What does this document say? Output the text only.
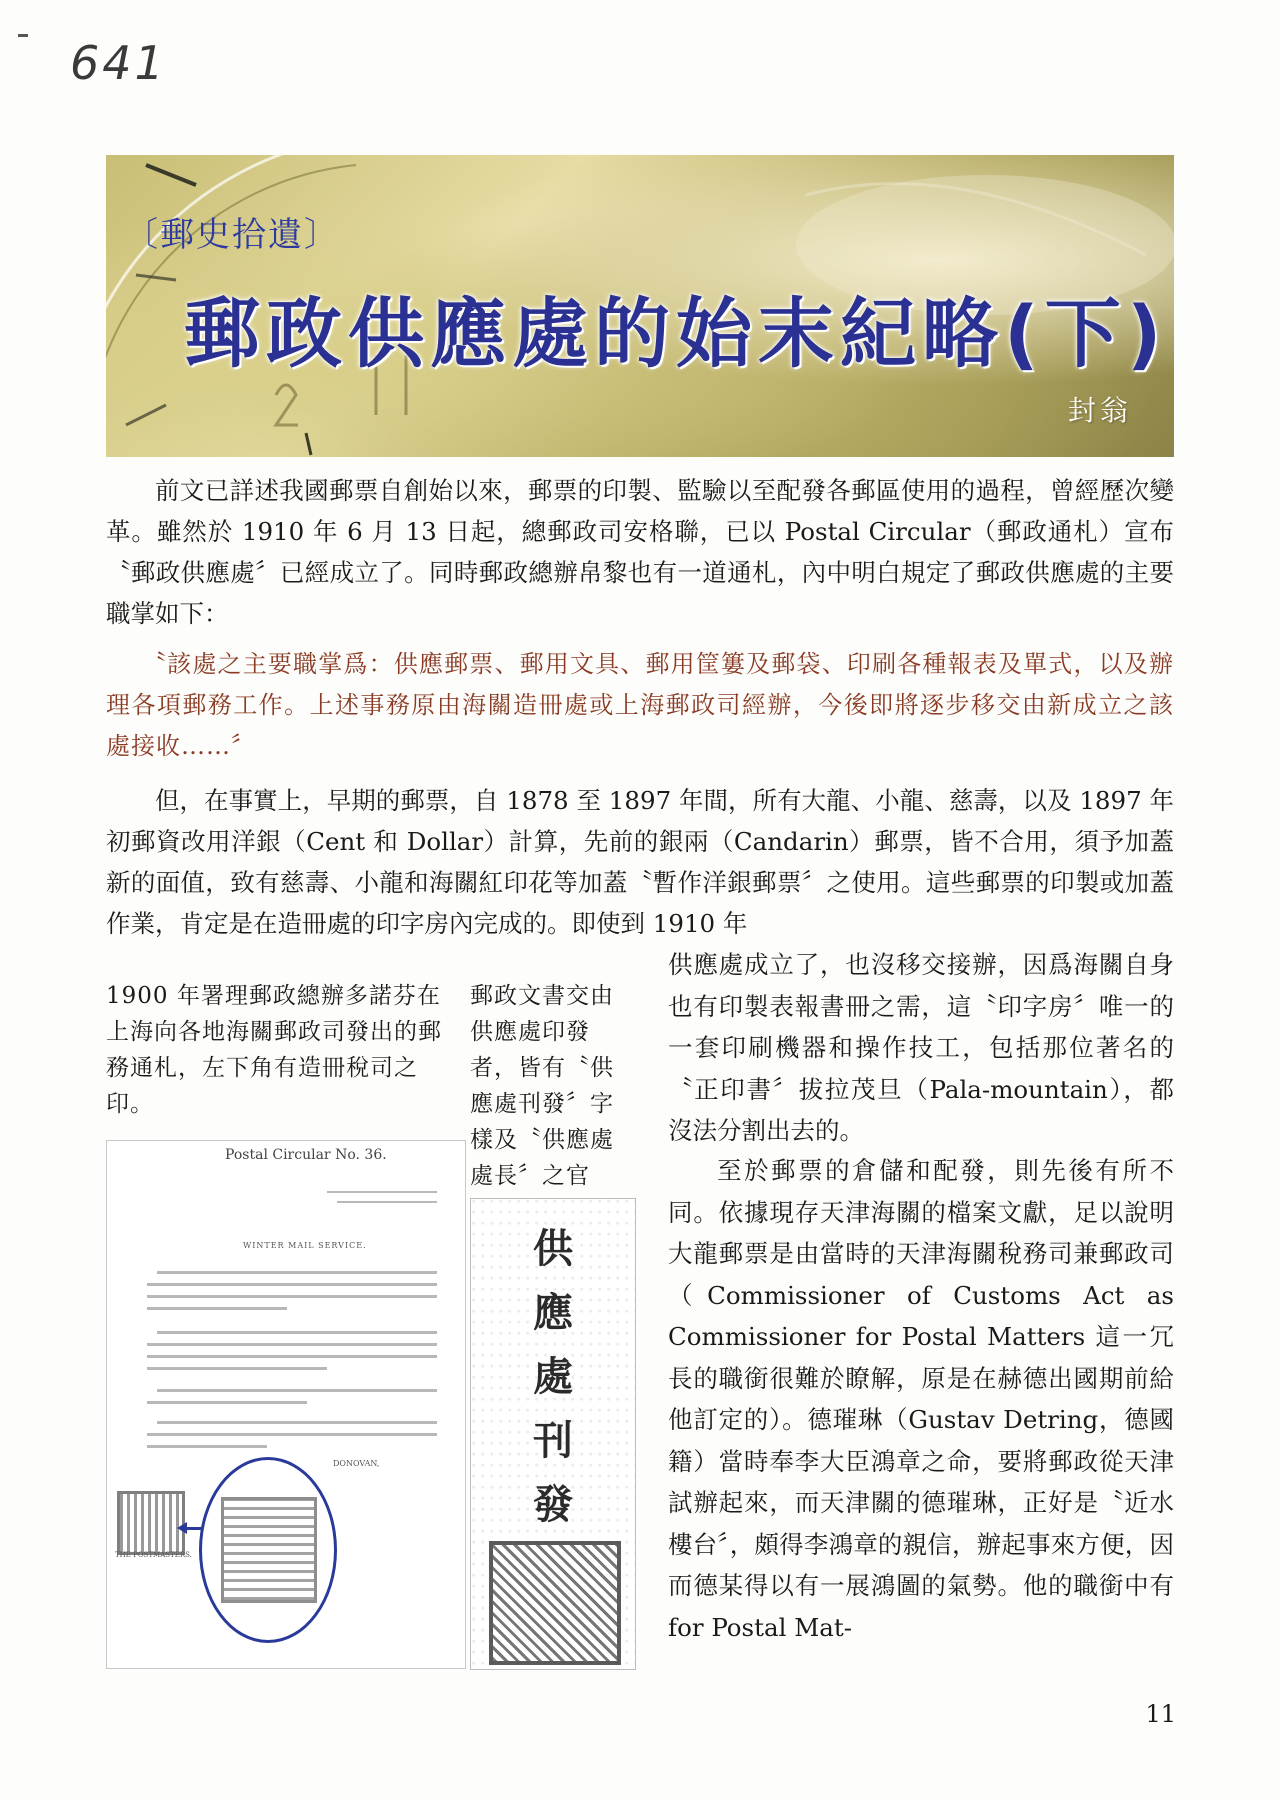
641
〔郵史拾遺〕
郵政供應處的始末紀略(下)
封翁

前文已詳述我國郵票自創始以來，郵票的印製、監驗以至配發各郵區使用的過程，曾經歷次變革。雖然於 1910 年 6 月 13 日起，總郵政司安格聯，已以 Postal Circular（郵政通札）宣布〝郵政供應處〞已經成立了。同時郵政總辦帛黎也有一道通札，內中明白規定了郵政供應處的主要職掌如下：

〝該處之主要職掌爲：供應郵票、郵用文具、郵用筐簍及郵袋、印刷各種報表及單式，以及辦理各項郵務工作。上述事務原由海關造冊處或上海郵政司經辦，今後即將逐步移交由新成立之該處接收……〞

但，在事實上，早期的郵票，自 1878 至 1897 年間，所有大龍、小龍、慈壽，以及 1897 年初郵資改用洋銀（Cent 和 Dollar）計算，先前的銀兩（Candarin）郵票，皆不合用，須予加蓋新的面值，致有慈壽、小龍和海關紅印花等加蓋〝暫作洋銀郵票〞之使用。這些郵票的印製或加蓋作業，肯定是在造冊處的印字房內完成的。即使到 1910 年

供應處成立了，也沒移交接辦，因爲海關自身也有印製表報書冊之需，這〝印字房〞唯一的一套印刷機器和操作技工，包括那位著名的〝正印書〞拔拉茂旦（Pala-mountain），都沒法分割出去的。

至於郵票的倉儲和配發，則先後有所不同。依據現存天津海關的檔案文獻，足以說明大龍郵票是由當時的天津海關稅務司兼郵政司（Commissioner of Customs Act as Commissioner for Postal Matters 這一冗長的職銜很難於瞭解，原是在赫德出國期前給他訂定的）。德璀琳（Gustav Detring，德國籍）當時奉李大臣鴻章之命，要將郵政從天津試辦起來，而天津關的德璀琳，正好是〝近水樓台〞，頗得李鴻章的親信，辦起事來方便，因而德某得以有一展鴻圖的氣勢。他的職銜中有 for Postal Mat-

1900 年署理郵政總辦多諾芬在上海向各地海關郵政司發出的郵務通札，左下角有造冊稅司之印。

郵政文書交由供應處印發者，皆有〝供應處刊發〞字樣及〝供應處處長〞之官

Postal Circular No. 36.
WINTER MAIL SERVICE.
DONOVAN,
THE POSTMASTERS.
供
應
處
刊
發
11
